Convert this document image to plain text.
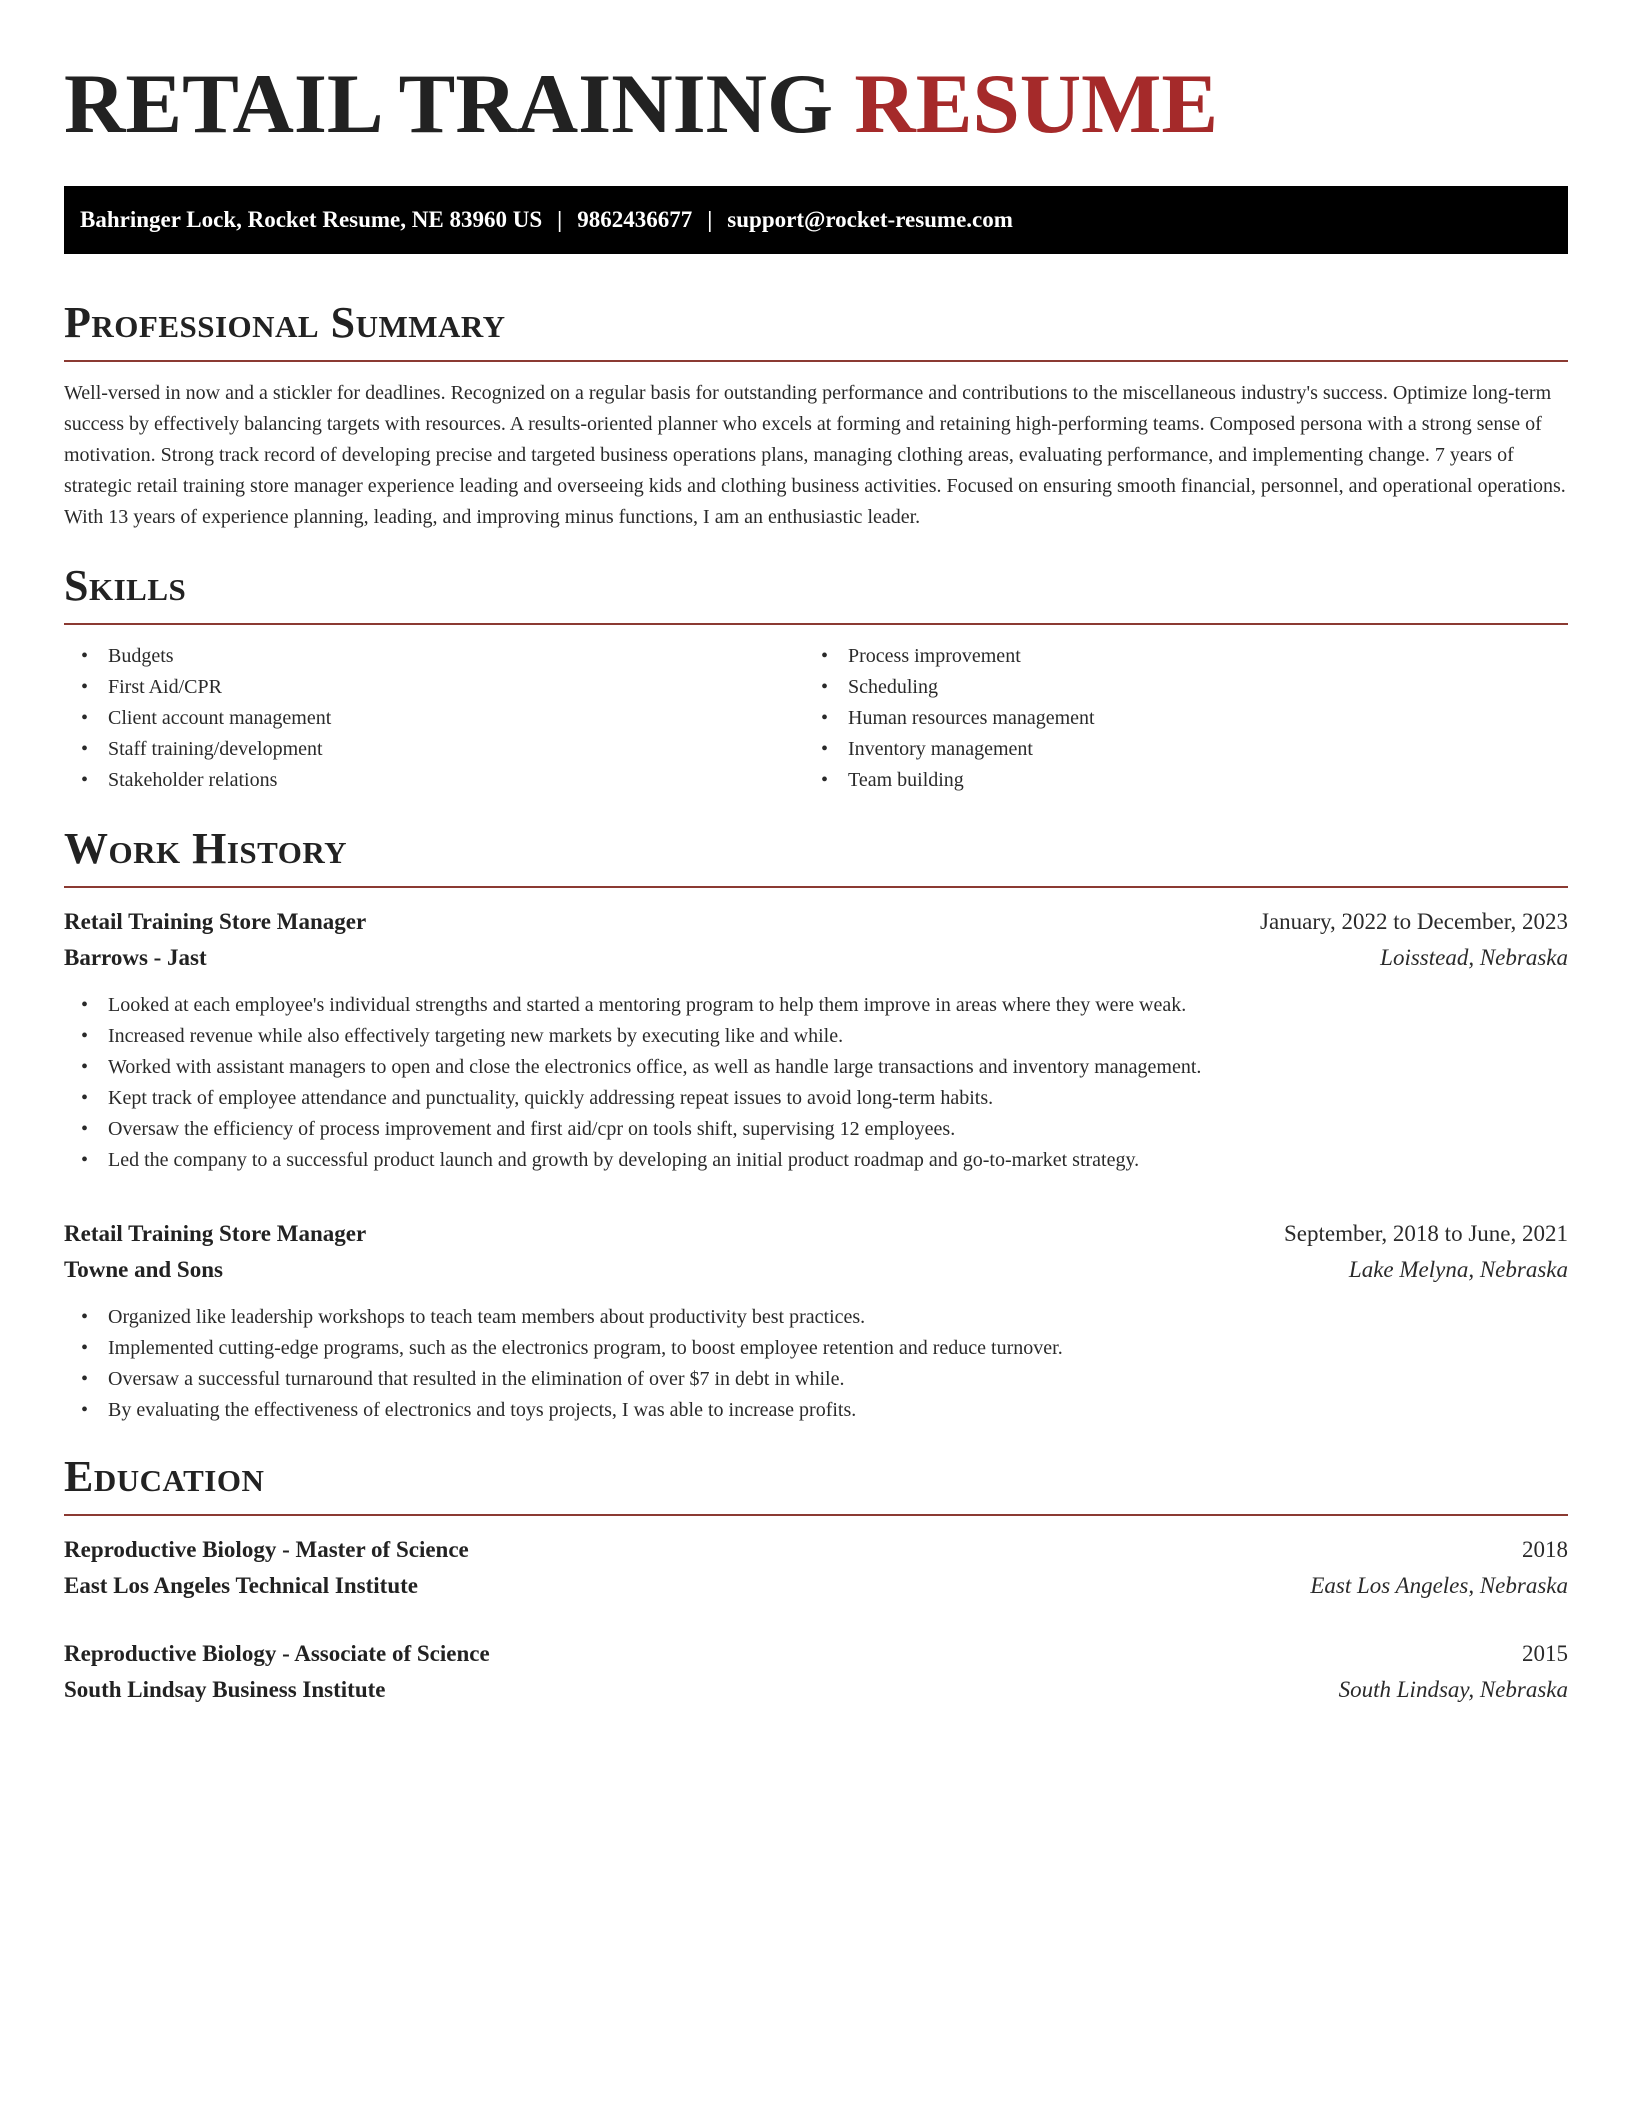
RETAIL TRAINING RESUME
Bahringer Lock, Rocket Resume, NE 83960 US | 9862436677 | support@rocket-resume.com
Professional Summary

Well-versed in now and a stickler for deadlines. Recognized on a regular basis for outstanding performance and contributions to the miscellaneous industry's success. Optimize long-term success by effectively balancing targets with resources. A results-oriented planner who excels at forming and retaining high-performing teams. Composed persona with a strong sense of motivation. Strong track record of developing precise and targeted business operations plans, managing clothing areas, evaluating performance, and implementing change. 7 years of strategic retail training store manager experience leading and overseeing kids and clothing business activities. Focused on ensuring smooth financial, personnel, and operational operations. With 13 years of experience planning, leading, and improving minus functions, I am an enthusiastic leader.

Skills
• Budgets
• First Aid/CPR
• Client account management
• Staff training/development
• Stakeholder relations
• Process improvement
• Scheduling
• Human resources management
• Inventory management
• Team building
Work History
Retail Training Store Manager	January, 2022 to December, 2023
Barrows - Jast	Loisstead, Nebraska
• Looked at each employee's individual strengths and started a mentoring program to help them improve in areas where they were weak.
• Increased revenue while also effectively targeting new markets by executing like and while.
• Worked with assistant managers to open and close the electronics office, as well as handle large transactions and inventory management.
• Kept track of employee attendance and punctuality, quickly addressing repeat issues to avoid long-term habits.
• Oversaw the efficiency of process improvement and first aid/cpr on tools shift, supervising 12 employees.
• Led the company to a successful product launch and growth by developing an initial product roadmap and go-to-market strategy.
Retail Training Store Manager	September, 2018 to June, 2021
Towne and Sons	Lake Melyna, Nebraska
• Organized like leadership workshops to teach team members about productivity best practices.
• Implemented cutting-edge programs, such as the electronics program, to boost employee retention and reduce turnover.
• Oversaw a successful turnaround that resulted in the elimination of over $7 in debt in while.
• By evaluating the effectiveness of electronics and toys projects, I was able to increase profits.
Education
Reproductive Biology - Master of Science	2018
East Los Angeles Technical Institute	East Los Angeles, Nebraska
Reproductive Biology - Associate of Science	2015
South Lindsay Business Institute	South Lindsay, Nebraska
